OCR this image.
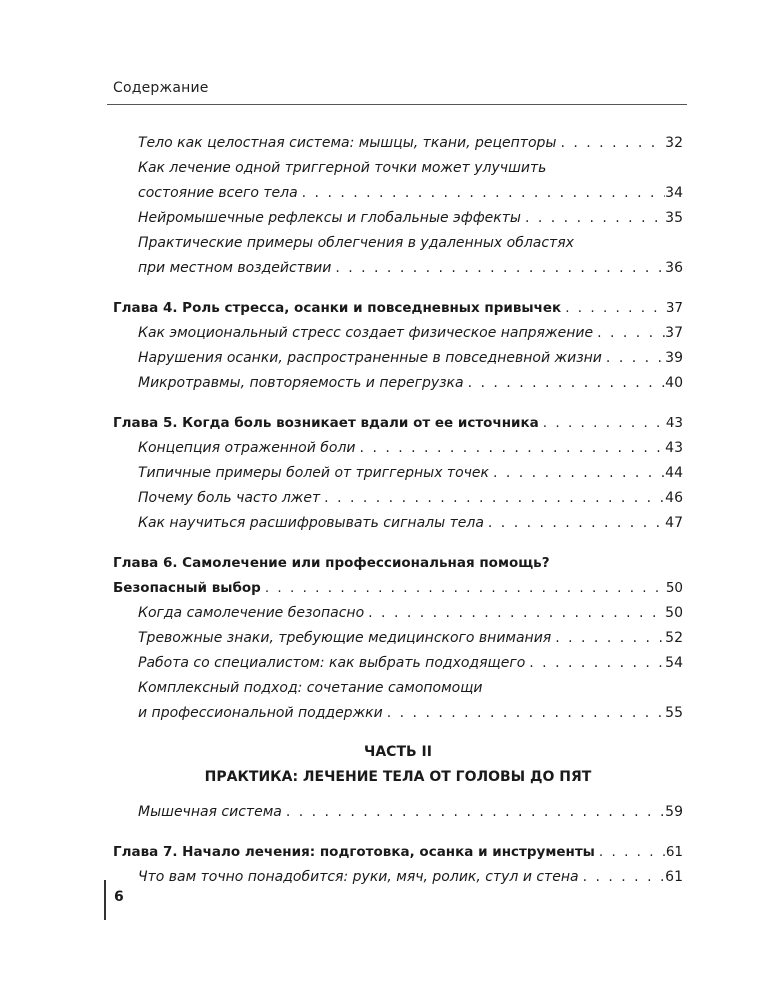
Содержание
Тело как целостная система: мышцы, ткани, рецепторы . . .	32
Как лечение одной триггерной точки может улучшить
состояние всего тела . . .	34
Нейромышечные рефлексы и глобальные эффекты . . .	35
Практические примеры облегчения в удаленных областях
при местном воздействии . . .	36
Глава 4. Роль стресса, осанки и повседневных привычек . . .	37
Как эмоциональный стресс создает физическое напряжение . . .	37
Нарушения осанки, распространенные в повседневной жизни . . .	39
Микротравмы, повторяемость и перегрузка . . .	40
Глава 5. Когда боль возникает вдали от ее источника . . .	43
Концепция отраженной боли . . .	43
Типичные примеры болей от триггерных точек . . .	44
Почему боль часто лжет . . .	46
Как научиться расшифровывать сигналы тела . . .	47
Глава 6. Самолечение или профессиональная помощь?
Безопасный выбор . . .	50
Когда самолечение безопасно . . .	50
Тревожные знаки, требующие медицинского внимания . . .	52
Работа со специалистом: как выбрать подходящего . . .	54
Комплексный подход: сочетание самопомощи
и профессиональной поддержки . . .	55
ЧАСТЬ II
ПРАКТИКА: ЛЕЧЕНИЕ ТЕЛА ОТ ГОЛОВЫ ДО ПЯТ
Мышечная система . . .	59
Глава 7. Начало лечения: подготовка, осанка и инструменты . . .	61
Что вам точно понадобится: руки, мяч, ролик, стул и стена . . .	61
6
